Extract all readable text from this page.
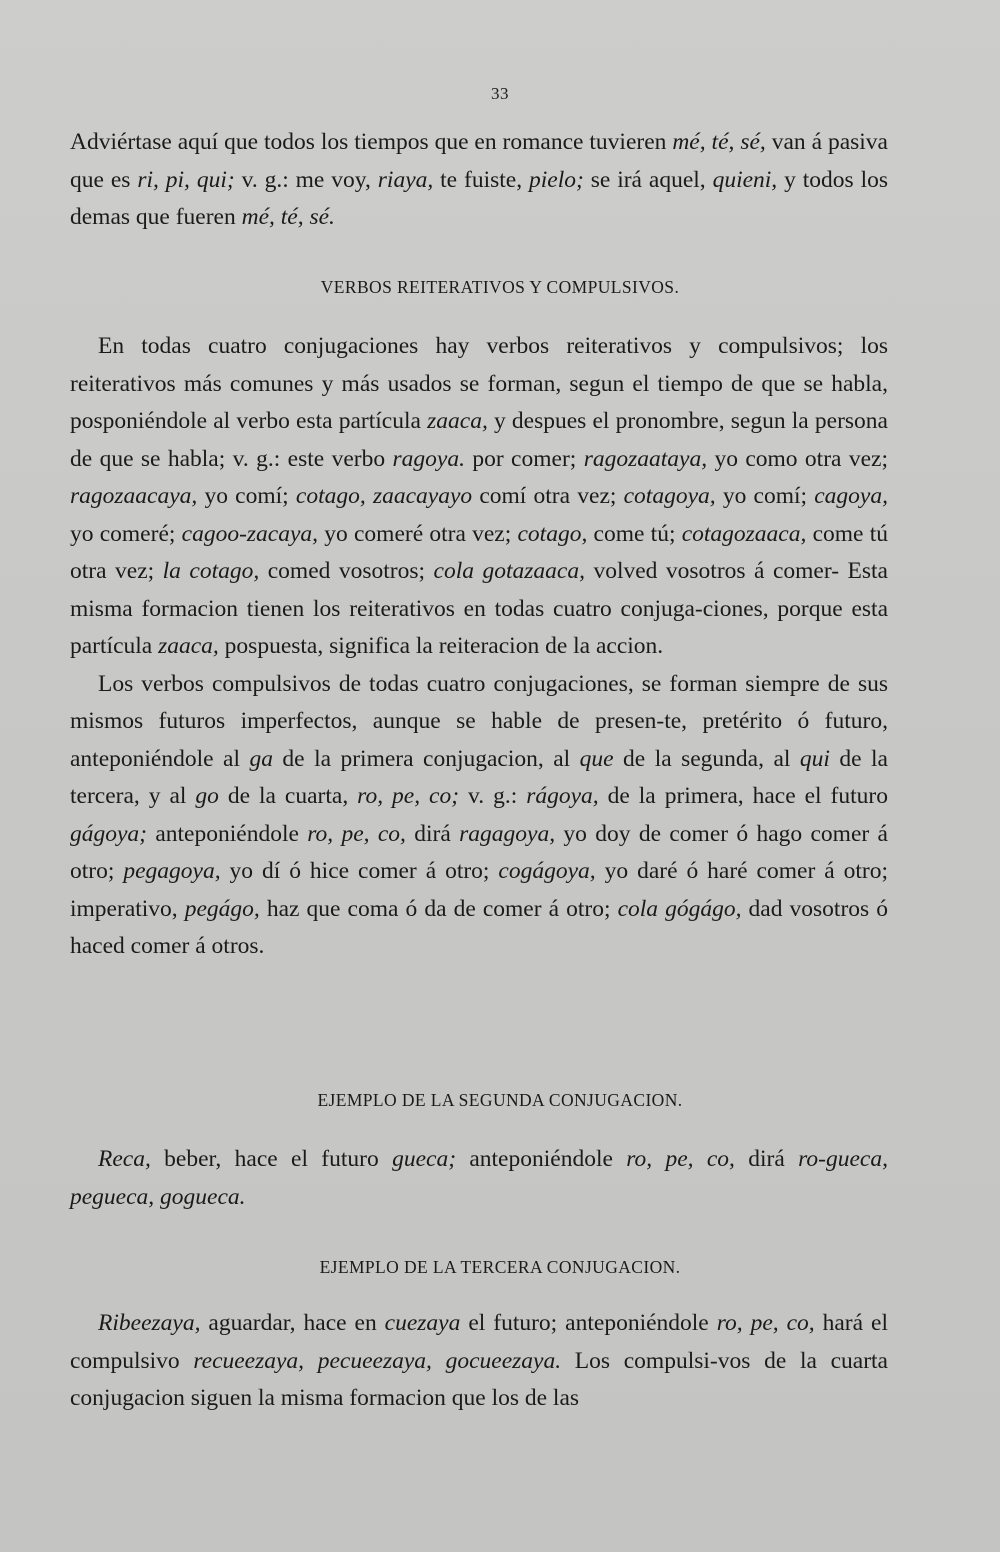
33

Adviértase aquí que todos los tiempos que en romance tuvieren mé, té, sé, van á pasiva que es ri, pi, qui; v. g.: me voy, riaya, te fuiste, pielo; se irá aquel, quieni, y todos los demas que fueren mé, té, sé.

VERBOS REITERATIVOS Y COMPULSIVOS.

En todas cuatro conjugaciones hay verbos reiterativos y compulsivos; los reiterativos más comunes y más usados se forman, segun el tiempo de que se habla, posponiéndole al verbo esta partícula zaaca, y despues el pronombre, segun la persona de que se habla; v. g.: este verbo ragoya. por comer; ragozaataya, yo como otra vez; ragozaacaya, yo comí; cotago, zaacayayo comí otra vez; cotagoya, yo comí; cagoya, yo comeré; cagoo-zacaya, yo comeré otra vez; cotago, come tú; cotagozaaca, come tú otra vez; la cotago, comed vosotros; cola gotazaaca, volved vosotros á comer- Esta misma formacion tienen los reiterativos en todas cuatro conjuga-ciones, porque esta partícula zaaca, pospuesta, significa la reiteracion de la accion.

Los verbos compulsivos de todas cuatro conjugaciones, se forman siempre de sus mismos futuros imperfectos, aunque se hable de presen-te, pretérito ó futuro, anteponiéndole al ga de la primera conjugacion, al que de la segunda, al qui de la tercera, y al go de la cuarta, ro, pe, co; v. g.: rágoya, de la primera, hace el futuro gágoya; anteponiéndole ro, pe, co, dirá ragagoya, yo doy de comer ó hago comer á otro; pegagoya, yo dí ó hice comer á otro; cogágoya, yo daré ó haré comer á otro; imperativo, pegágo, haz que coma ó da de comer á otro; cola gógágo, dad vosotros ó haced comer á otros.

EJEMPLO DE LA SEGUNDA CONJUGACION.

Reca, beber, hace el futuro gueca; anteponiéndole ro, pe, co, dirá ro-gueca, pegueca, gogueca.

EJEMPLO DE LA TERCERA CONJUGACION.

Ribeezaya, aguardar, hace en cuezaya el futuro; anteponiéndole ro, pe, co, hará el compulsivo recueezaya, pecueezaya, gocueezaya. Los compulsi-vos de la cuarta conjugacion siguen la misma formacion que los de las
